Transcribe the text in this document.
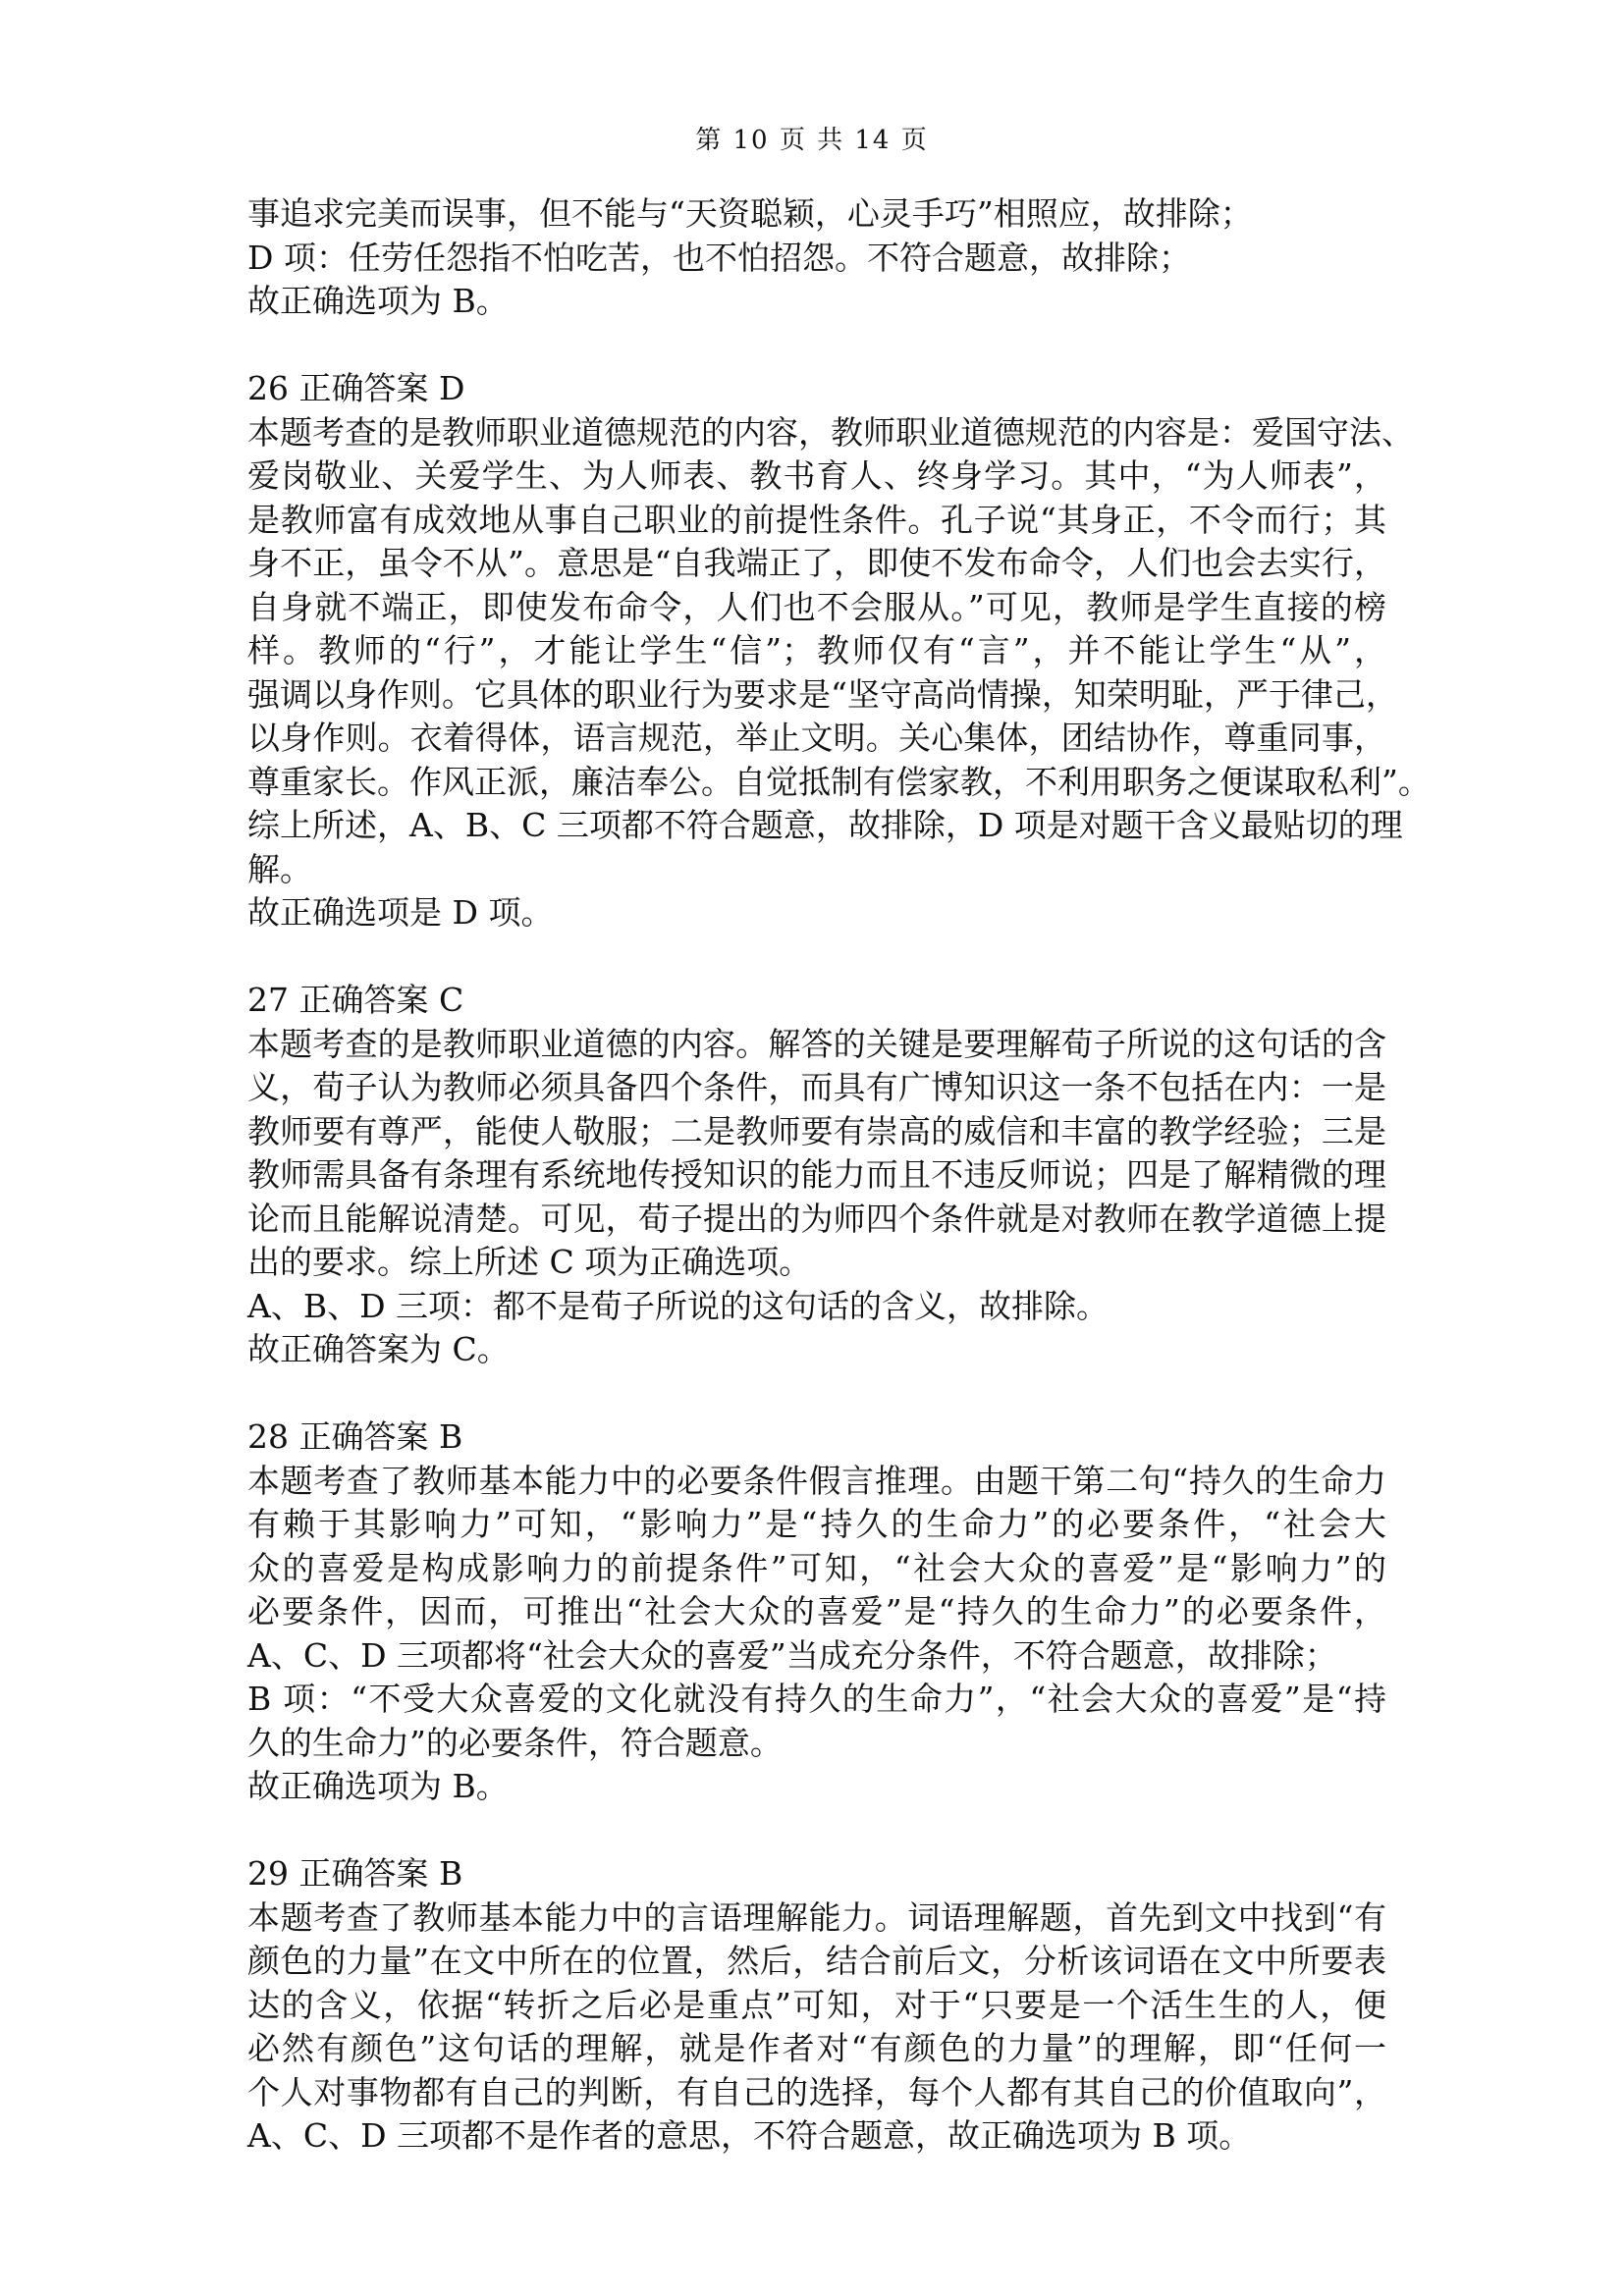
第 10 页 共 14 页
事追求完美而误事，但不能与“天资聪颖，心灵手巧”相照应，故排除；
D 项：任劳任怨指不怕吃苦，也不怕招怨。不符合题意，故排除；
故正确选项为 B。
26 正确答案 D
本题考查的是教师职业道德规范的内容，教师职业道德规范的内容是：爱国守法、
爱岗敬业、关爱学生、为人师表、教书育人、终身学习。其中，“为人师表”，
是教师富有成效地从事自己职业的前提性条件。孔子说“其身正，不令而行；其
身不正，虽令不从”。意思是“自我端正了，即使不发布命令，人们也会去实行，
自身就不端正，即使发布命令，人们也不会服从。”可见，教师是学生直接的榜
样。教师的“行”，才能让学生“信”；教师仅有“言”，并不能让学生“从”，
强调以身作则。它具体的职业行为要求是“坚守高尚情操，知荣明耻，严于律己，
以身作则。衣着得体，语言规范，举止文明。关心集体，团结协作，尊重同事，
尊重家长。作风正派，廉洁奉公。自觉抵制有偿家教，不利用职务之便谋取私利”。
综上所述，A、B、C 三项都不符合题意，故排除，D 项是对题干含义最贴切的理
解。
故正确选项是 D 项。
27 正确答案 C
本题考查的是教师职业道德的内容。解答的关键是要理解荀子所说的这句话的含
义，荀子认为教师必须具备四个条件，而具有广博知识这一条不包括在内：一是
教师要有尊严，能使人敬服；二是教师要有崇高的威信和丰富的教学经验；三是
教师需具备有条理有系统地传授知识的能力而且不违反师说；四是了解精微的理
论而且能解说清楚。可见，荀子提出的为师四个条件就是对教师在教学道德上提
出的要求。综上所述 C 项为正确选项。
A、B、D 三项：都不是荀子所说的这句话的含义，故排除。
故正确答案为 C。
28 正确答案 B
本题考查了教师基本能力中的必要条件假言推理。由题干第二句“持久的生命力
有赖于其影响力”可知，“影响力”是“持久的生命力”的必要条件，“社会大
众的喜爱是构成影响力的前提条件”可知，“社会大众的喜爱”是“影响力”的
必要条件，因而，可推出“社会大众的喜爱”是“持久的生命力”的必要条件，
A、C、D 三项都将“社会大众的喜爱”当成充分条件，不符合题意，故排除；
B 项：“不受大众喜爱的文化就没有持久的生命力”，“社会大众的喜爱”是“持
久的生命力”的必要条件，符合题意。
故正确选项为 B。
29 正确答案 B
本题考查了教师基本能力中的言语理解能力。词语理解题，首先到文中找到“有
颜色的力量”在文中所在的位置，然后，结合前后文，分析该词语在文中所要表
达的含义，依据“转折之后必是重点”可知，对于“只要是一个活生生的人，便
必然有颜色”这句话的理解，就是作者对“有颜色的力量”的理解，即“任何一
个人对事物都有自己的判断，有自己的选择，每个人都有其自己的价值取向”，
A、C、D 三项都不是作者的意思，不符合题意，故正确选项为 B 项。
